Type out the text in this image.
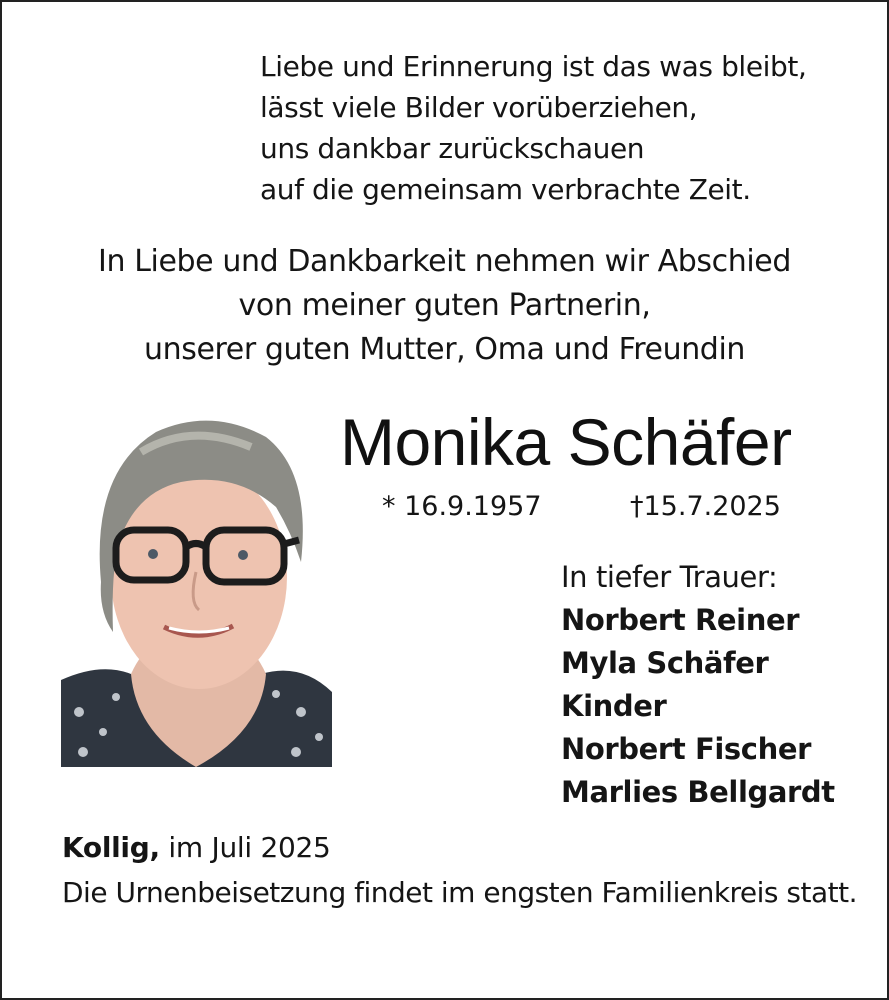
Liebe und Erinnerung ist das was bleibt,
lässt viele Bilder vorüberziehen,
uns dankbar zurückschauen
auf die gemeinsam verbrachte Zeit.
In Liebe und Dankbarkeit nehmen wir Abschied
von meiner guten Partnerin,
unserer guten Mutter, Oma und Freundin
Monika Schäfer
* 16.9.1957	†15.7.2025
In tiefer Trauer:
Norbert Reiner
Myla Schäfer
Kinder
Norbert Fischer
Marlies Bellgardt
Kollig, im Juli 2025
Die Urnenbeisetzung findet im engsten Familienkreis statt.
